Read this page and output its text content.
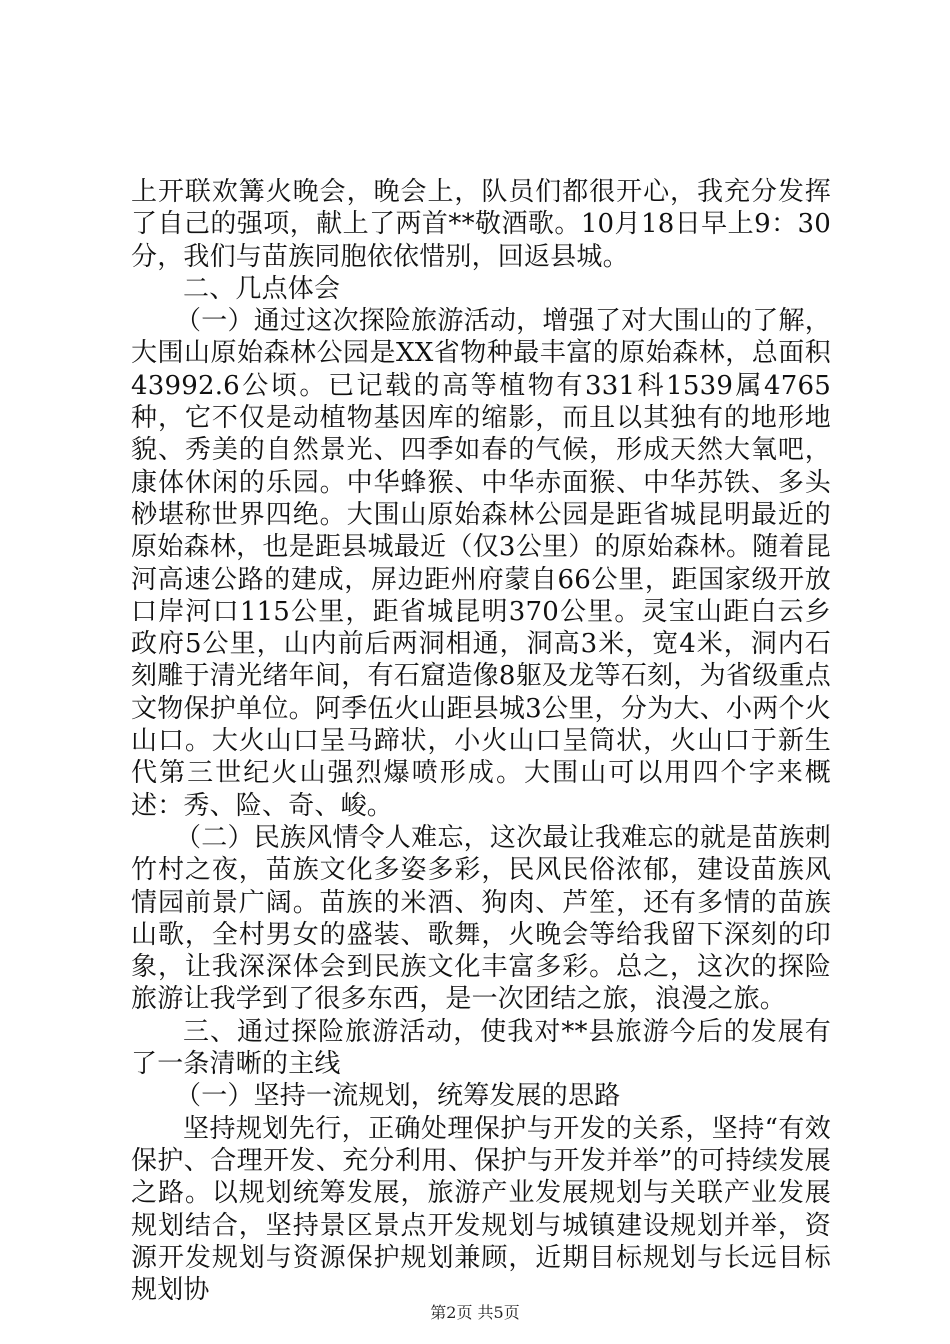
上开联欢篝火晚会，晚会上，队员们都很开心，我充分发挥了自己的强项，献上了两首**敬酒歌。10月18日早上9：30分，我们与苗族同胞依依惜别，回返县城。

二、几点体会

（一）通过这次探险旅游活动，增强了对大围山的了解，大围山原始森林公园是XX省物种最丰富的原始森林，总面积43992.6公顷。已记载的高等植物有331科1539属4765种，它不仅是动植物基因库的缩影，而且以其独有的地形地貌、秀美的自然景光、四季如春的气候，形成天然大氧吧，康体休闲的乐园。中华蜂猴、中华赤面猴、中华苏铁、多头桫堪称世界四绝。大围山原始森林公园是距省城昆明最近的原始森林，也是距县城最近（仅3公里）的原始森林。随着昆河高速公路的建成，屏边距州府蒙自66公里，距国家级开放口岸河口115公里，距省城昆明370公里。灵宝山距白云乡政府5公里，山内前后两洞相通，洞高3米，宽4米，洞内石刻雕于清光绪年间，有石窟造像8躯及龙等石刻，为省级重点文物保护单位。阿季伍火山距县城3公里，分为大、小两个火山口。大火山口呈马蹄状，小火山口呈筒状，火山口于新生代第三世纪火山强烈爆喷形成。大围山可以用四个字来概述：秀、险、奇、峻。

（二）民族风情令人难忘，这次最让我难忘的就是苗族刺竹村之夜，苗族文化多姿多彩，民风民俗浓郁，建设苗族风情园前景广阔。苗族的米酒、狗肉、芦笙，还有多情的苗族山歌，全村男女的盛装、歌舞，火晚会等给我留下深刻的印象，让我深深体会到民族文化丰富多彩。总之，这次的探险旅游让我学到了很多东西，是一次团结之旅，浪漫之旅。

三、通过探险旅游活动，使我对**县旅游今后的发展有了一条清晰的主线

（一）坚持一流规划，统筹发展的思路

坚持规划先行，正确处理保护与开发的关系，坚持“有效保护、合理开发、充分利用、保护与开发并举”的可持续发展之路。以规划统筹发展，旅游产业发展规划与关联产业发展规划结合，坚持景区景点开发规划与城镇建设规划并举，资源开发规划与资源保护规划兼顾，近期目标规划与长远目标规划协

第2页 共5页
